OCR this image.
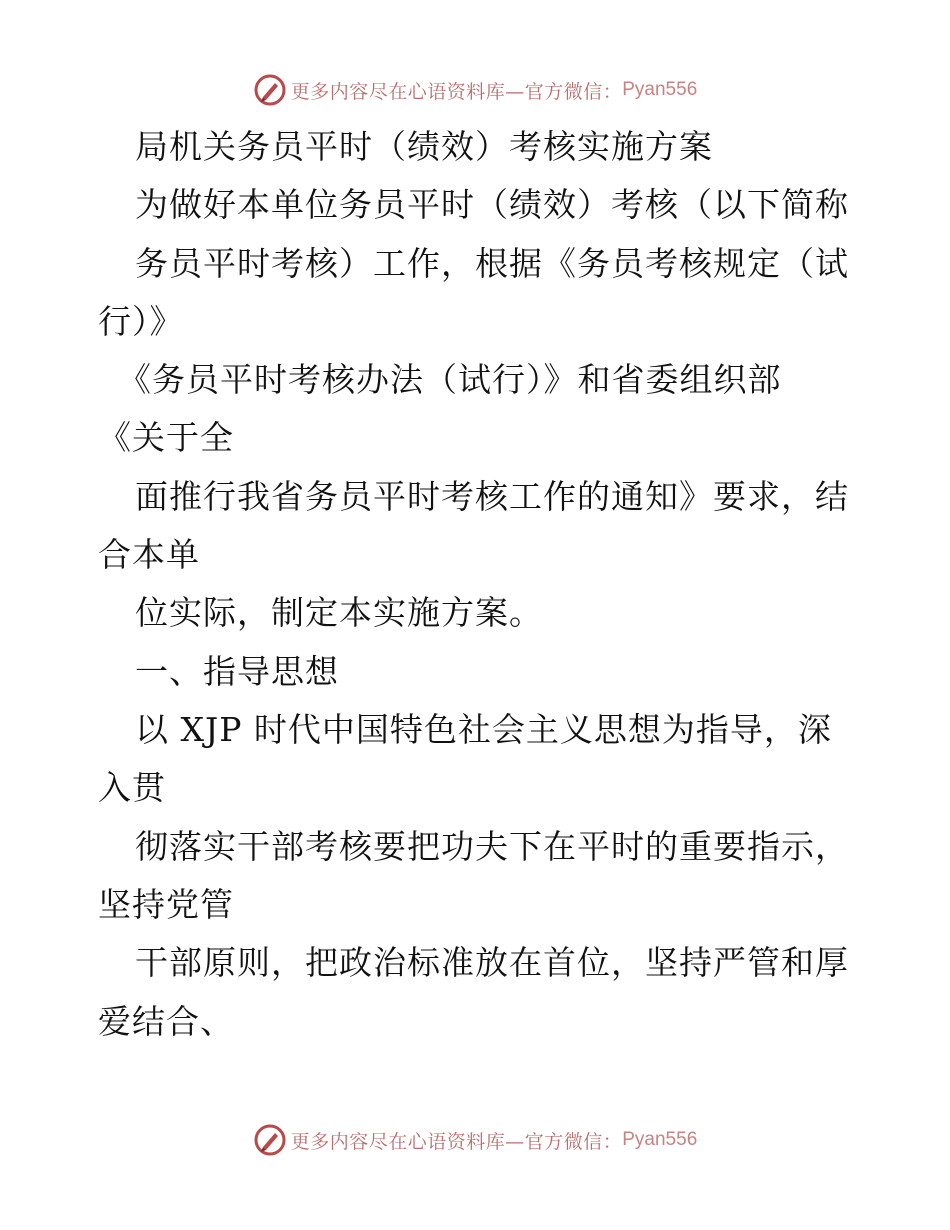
更多内容尽在心语资料库—官方微信： Pyan556
局机关务员平时（绩效）考核实施方案
为做好本单位务员平时（绩效）考核（以下简称
务员平时考核）工作，根据《务员考核规定（试
行）》
《务员平时考核办法（试行）》和省委组织部
《关于全
面推行我省务员平时考核工作的通知》要求，结
合本单
位实际，制定本实施方案。
一、指导思想
以 XJP 时代中国特色社会主义思想为指导，深
入贯
彻落实干部考核要把功夫下在平时的重要指示，
坚持党管
干部原则，把政治标准放在首位，坚持严管和厚
爱结合、
更多内容尽在心语资料库—官方微信： Pyan556
